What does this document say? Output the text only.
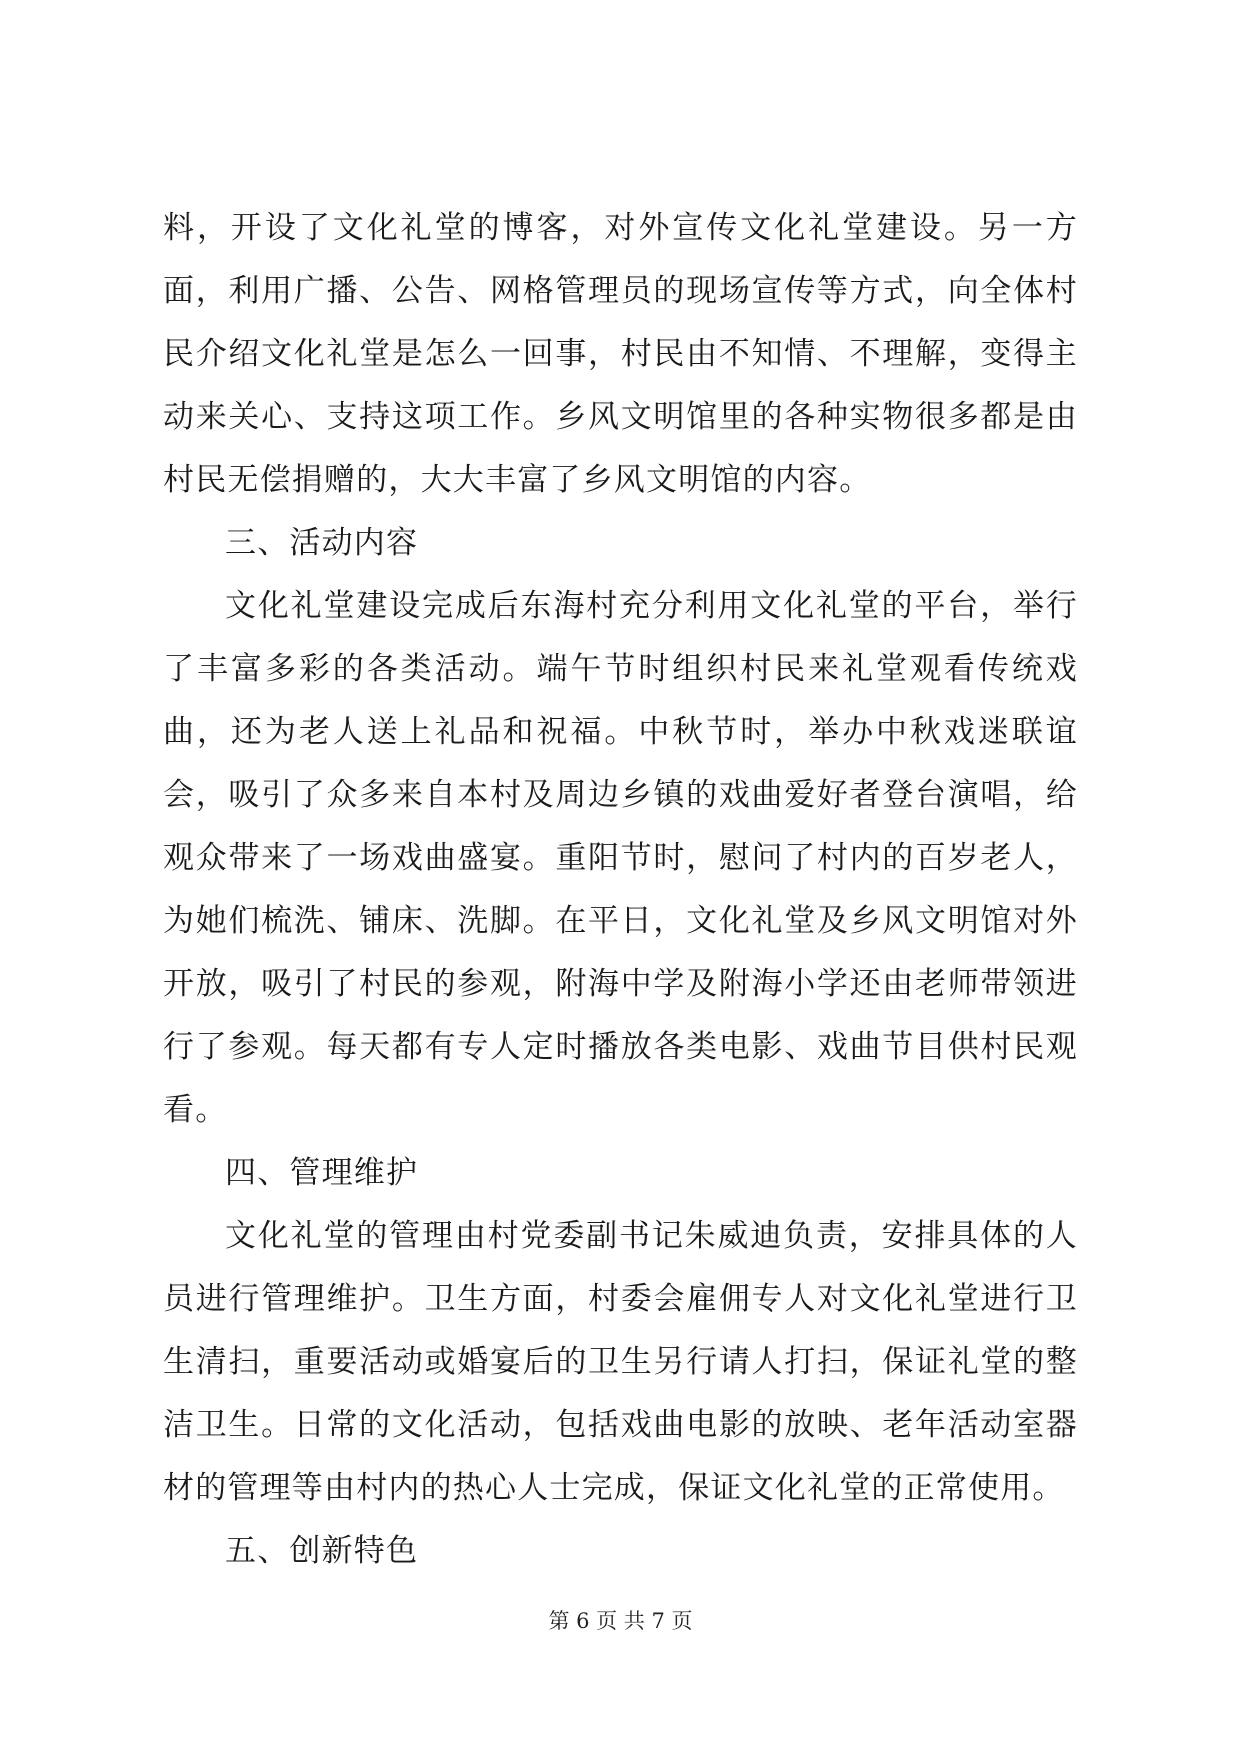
料，开设了文化礼堂的博客，对外宣传文化礼堂建设。另一方面，利用广播、公告、网格管理员的现场宣传等方式，向全体村民介绍文化礼堂是怎么一回事，村民由不知情、不理解，变得主动来关心、支持这项工作。乡风文明馆里的各种实物很多都是由村民无偿捐赠的，大大丰富了乡风文明馆的内容。

三、活动内容

文化礼堂建设完成后东海村充分利用文化礼堂的平台，举行了丰富多彩的各类活动。端午节时组织村民来礼堂观看传统戏曲，还为老人送上礼品和祝福。中秋节时，举办中秋戏迷联谊会，吸引了众多来自本村及周边乡镇的戏曲爱好者登台演唱，给观众带来了一场戏曲盛宴。重阳节时，慰问了村内的百岁老人，为她们梳洗、铺床、洗脚。在平日，文化礼堂及乡风文明馆对外开放，吸引了村民的参观，附海中学及附海小学还由老师带领进行了参观。每天都有专人定时播放各类电影、戏曲节目供村民观看。

四、管理维护

文化礼堂的管理由村党委副书记朱威迪负责，安排具体的人员进行管理维护。卫生方面，村委会雇佣专人对文化礼堂进行卫生清扫，重要活动或婚宴后的卫生另行请人打扫，保证礼堂的整洁卫生。日常的文化活动，包括戏曲电影的放映、老年活动室器材的管理等由村内的热心人士完成，保证文化礼堂的正常使用。

五、创新特色

第 6 页 共 7 页
